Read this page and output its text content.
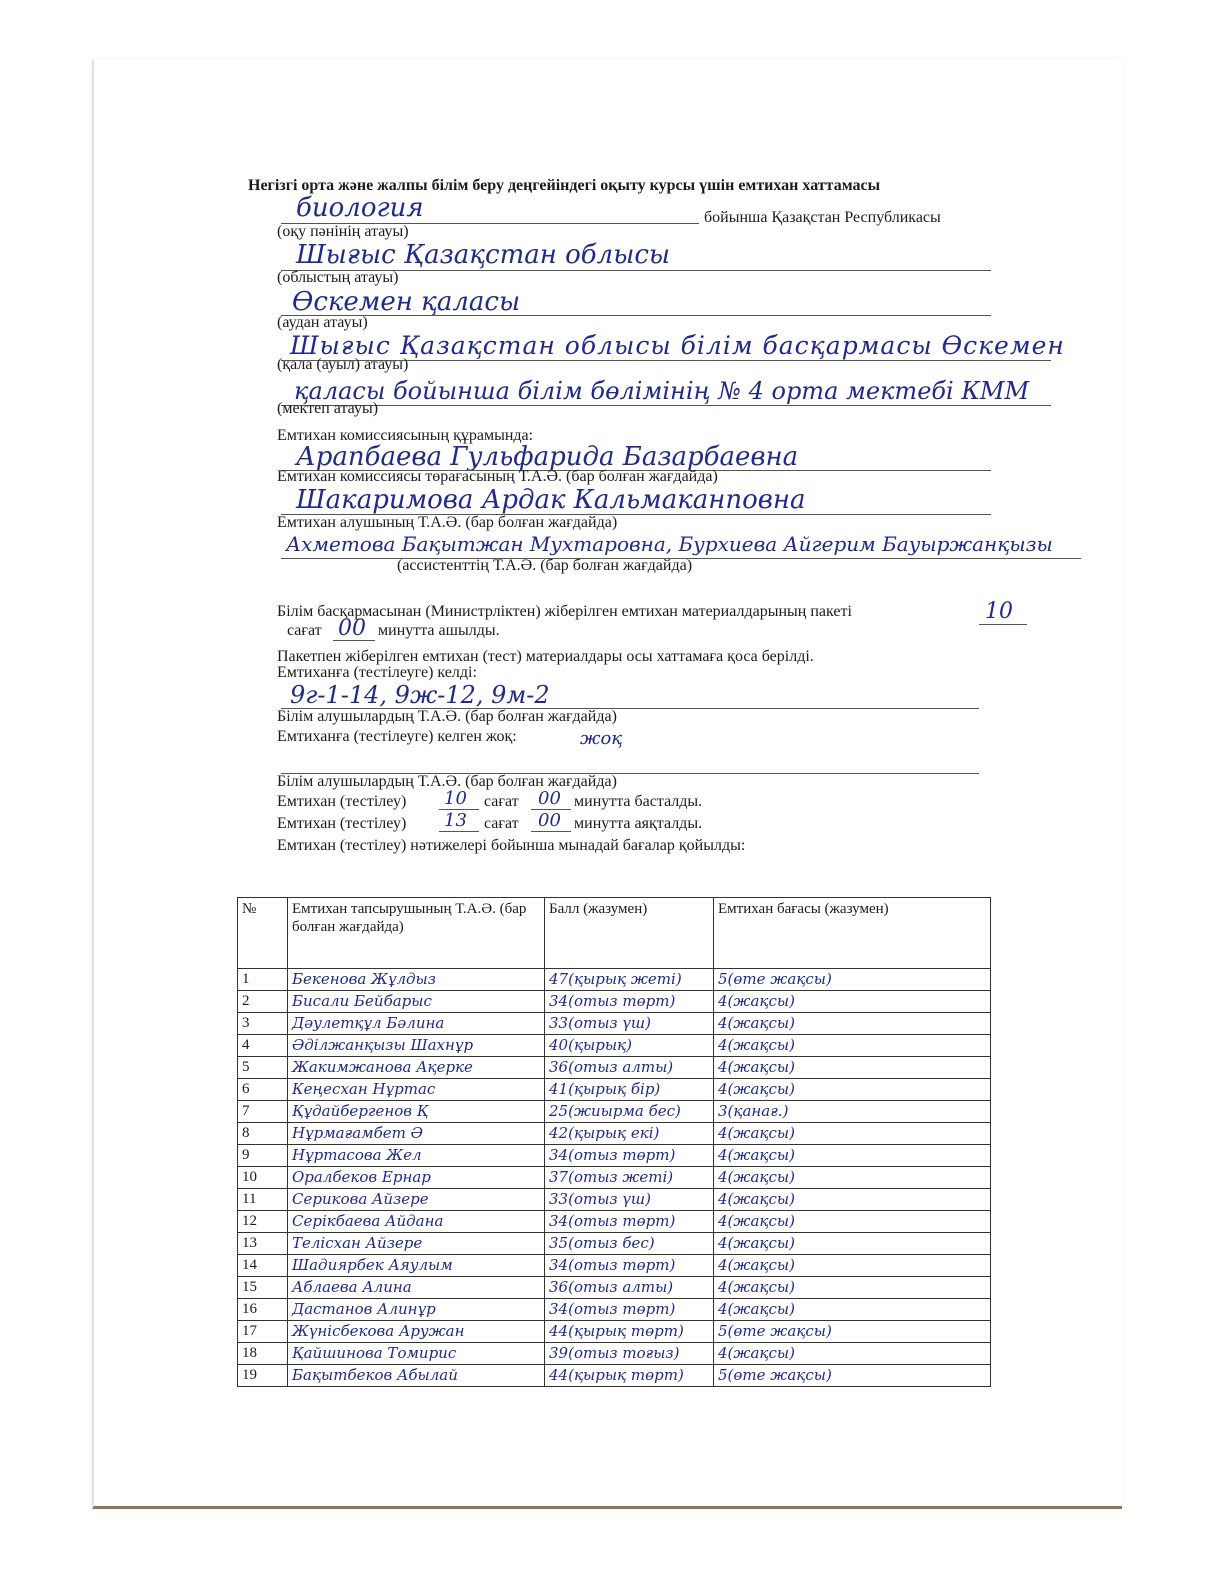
Негізгі орта және жалпы білім беру деңгейіндегі оқыту курсы үшін емтихан хаттамасы
биология	бойынша Қазақстан Республикасы
(оқу пәнінің атауы)
Шығыс Қазақстан облысы
(облыстың атауы)
Өскемен қаласы
(аудан атауы)
Шығыс Қазақстан облысы білім басқармасы Өскемен
(қала (ауыл) атауы)
қаласы бойынша білім бөлімінің № 4 орта мектебі КММ
(мектеп атауы)
Емтихан комиссиясының құрамында:
Арапбаева Гульфарида Базарбаевна
Емтихан комиссиясы төрағасының Т.А.Ә. (бар болған жағдайда)
Шакаримова Ардак Кальмаканповна
Емтихан алушының Т.А.Ә. (бар болған жағдайда)
Ахметова Бақытжан Мухтаровна, Бурхиева Айгерим Бауыржанқызы
(ассистенттің Т.А.Ә. (бар болған жағдайда)
Білім басқармасынан (Министрліктен) жіберілген емтихан материалдарының пакеті	10
сағат 00 минутта ашылды.
Пакетпен жіберілген емтихан (тест) материалдары осы хаттамаға қоса берілді.
Емтиханға (тестілеуге) келді:
9г-1-14, 9ж-12, 9м-2
Білім алушылардың Т.А.Ә. (бар болған жағдайда)
Емтиханға (тестілеуге) келген жоқ:	жоқ
Білім алушылардың Т.А.Ә. (бар болған жағдайда)
Емтихан (тестілеу) 10 сағат 00 минутта басталды.
Емтихан (тестілеу) 13 сағат 00 минутта аяқталды.
Емтихан (тестілеу) нәтижелері бойынша мынадай бағалар қойылды:
№	Емтихан тапсырушының Т.А.Ә. (бар болған жағдайда)	Балл (жазумен)	Емтихан бағасы (жазумен)
1	Бекенова Жұлдыз	47(қырық жеті)	5(өте жақсы)
2	Бисали Бейбарыс	34(отыз төрт)	4(жақсы)
3	Дәулетқұл Бәлина	33(отыз үш)	4(жақсы)
4	Әділжанқызы Шахнұр	40(қырық)	4(жақсы)
5	Жакимжанова Ақерке	36(отыз алты)	4(жақсы)
6	Кеңесхан Нұртас	41(қырық бір)	4(жақсы)
7	Құдайбергенов Қ	25(жиырма бес)	3(қанағ.)
8	Нұрмағамбет Ә	42(қырық екі)	4(жақсы)
9	Нұртасова Жел	34(отыз төрт)	4(жақсы)
10	Оралбеков Ернар	37(отыз жеті)	4(жақсы)
11	Серикова Айзере	33(отыз үш)	4(жақсы)
12	Серікбаева Айдана	34(отыз төрт)	4(жақсы)
13	Телісхан Айзере	35(отыз бес)	4(жақсы)
14	Шадиярбек Аяулым	34(отыз төрт)	4(жақсы)
15	Аблаева Алина	36(отыз алты)	4(жақсы)
16	Дастанов Алинұр	34(отыз төрт)	4(жақсы)
17	Жүнісбекова Аружан	44(қырық төрт)	5(өте жақсы)
18	Қайшинова Томирис	39(отыз тоғыз)	4(жақсы)
19	Бақытбеков Абылай	44(қырық төрт)	5(өте жақсы)
